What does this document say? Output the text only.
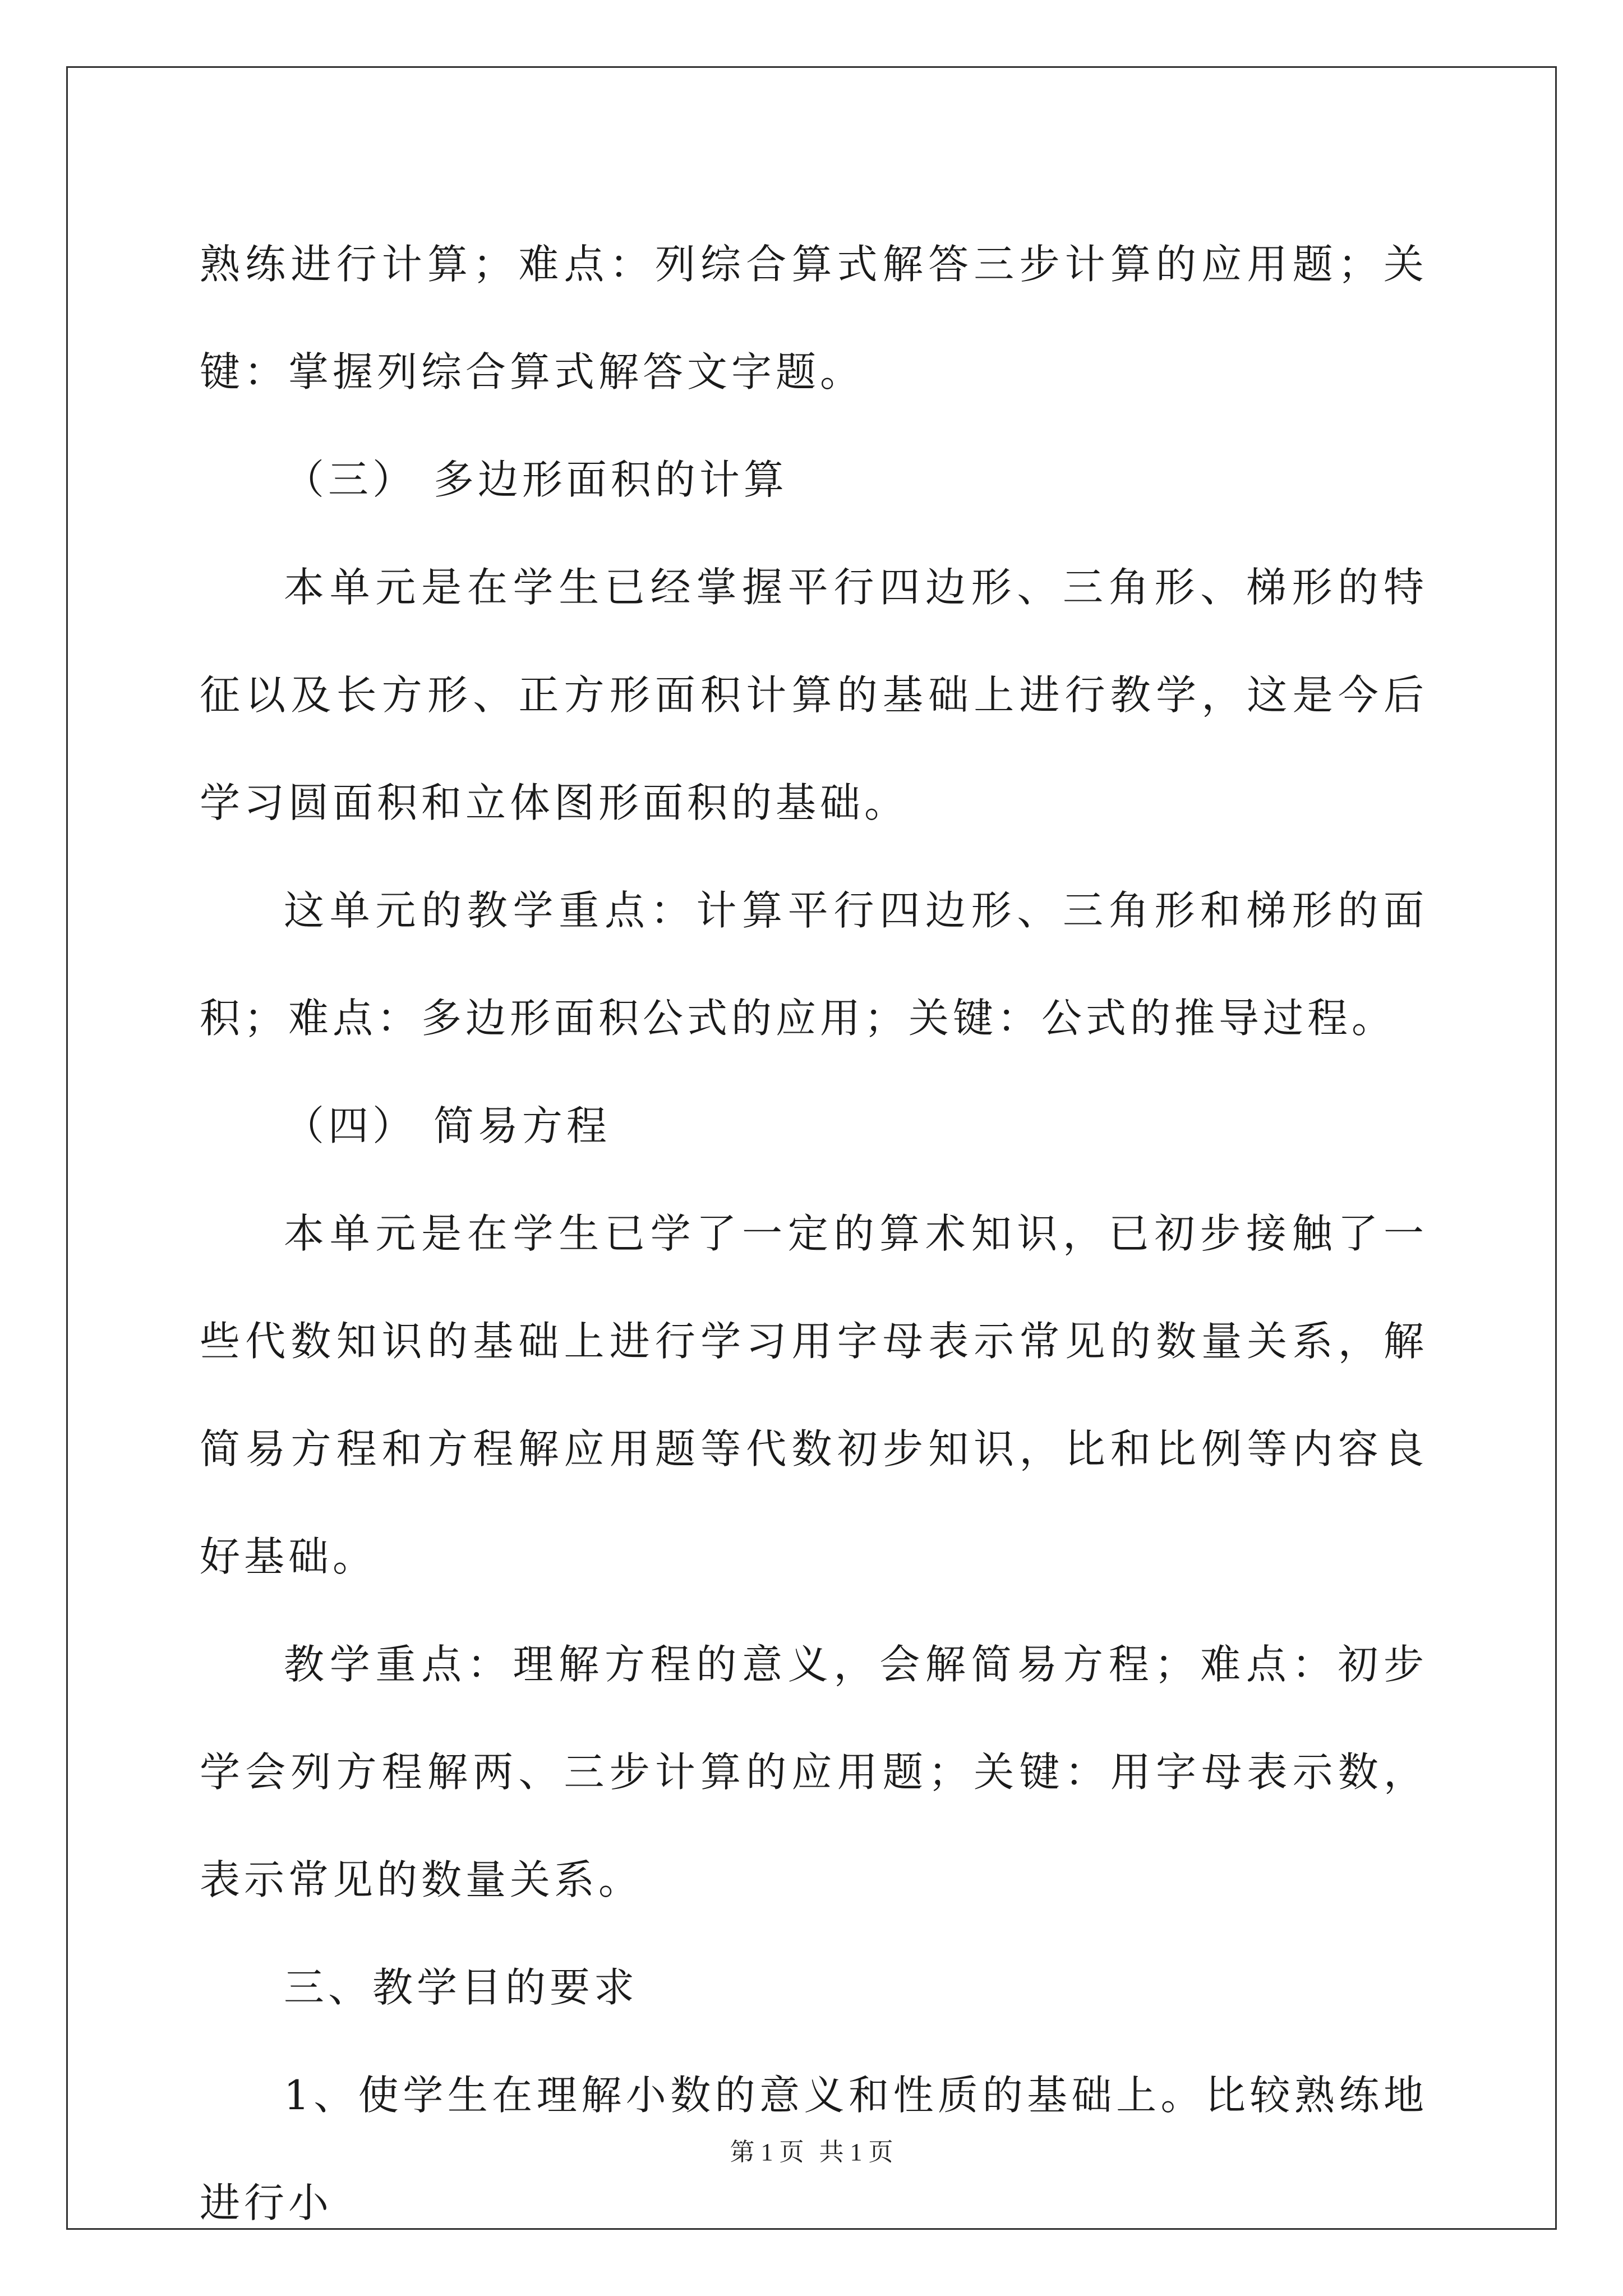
熟练进行计算；难点：列综合算式解答三步计算的应用题；关键：掌握列综合算式解答文字题。

（三） 多边形面积的计算

本单元是在学生已经掌握平行四边形、三角形、梯形的特征以及长方形、正方形面积计算的基础上进行教学，这是今后学习圆面积和立体图形面积的基础。

这单元的教学重点：计算平行四边形、三角形和梯形的面积；难点：多边形面积公式的应用；关键：公式的推导过程。

（四） 简易方程

本单元是在学生已学了一定的算术知识，已初步接触了一些代数知识的基础上进行学习用字母表示常见的数量关系，解简易方程和方程解应用题等代数初步知识，比和比例等内容良好基础。

教学重点：理解方程的意义，会解简易方程；难点：初步学会列方程解两、三步计算的应用题；关键：用字母表示数，表示常见的数量关系。

三、教学目的要求

1、使学生在理解小数的意义和性质的基础上。比较熟练地进行小

第 1 页 共 1 页
